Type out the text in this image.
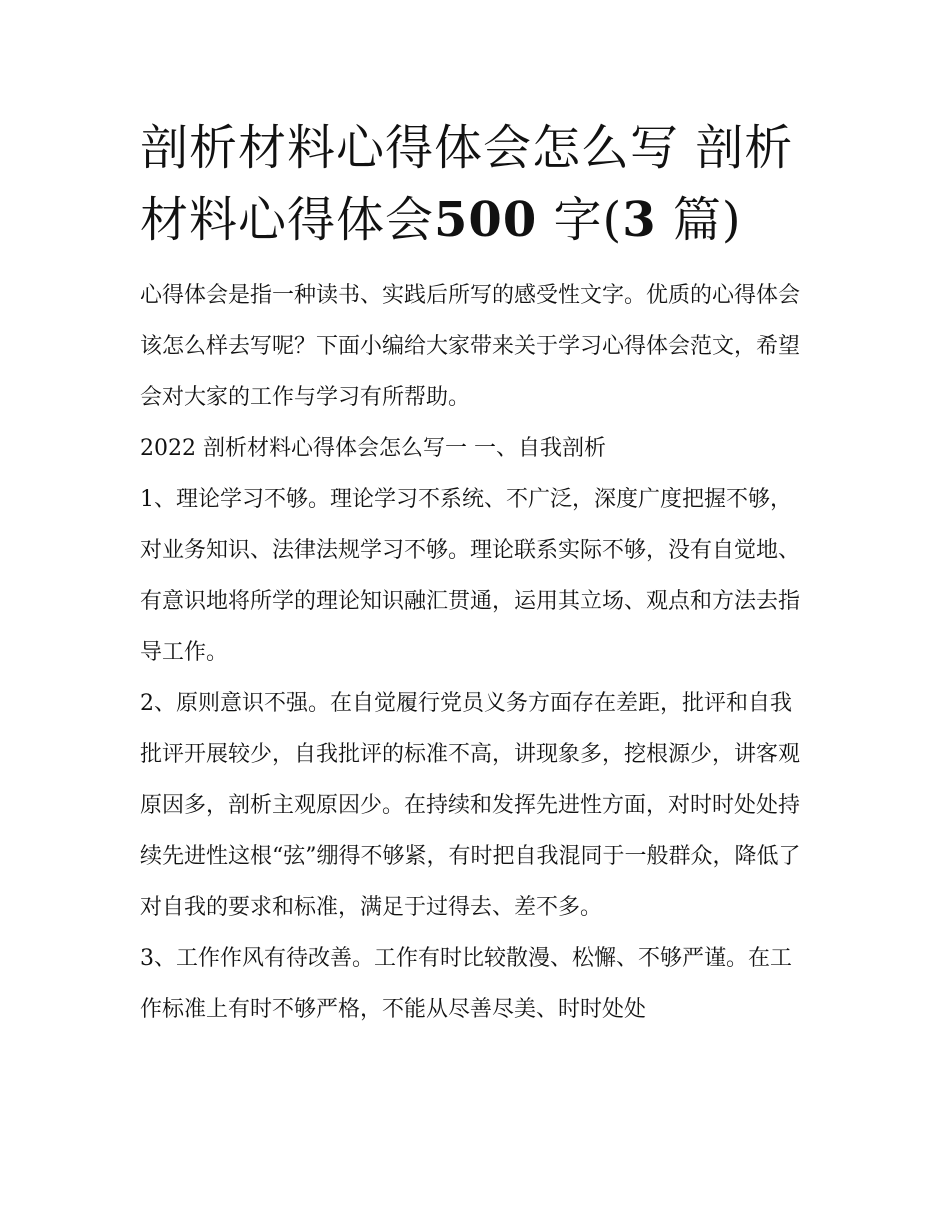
剖析材料心得体会怎么写 剖析材料心得体会500 字(3 篇)

心得体会是指一种读书、实践后所写的感受性文字。优质的心得体会该怎么样去写呢？下面小编给大家带来关于学习心得体会范文，希望会对大家的工作与学习有所帮助。

2022 剖析材料心得体会怎么写一 一、自我剖析

1、理论学习不够。理论学习不系统、不广泛，深度广度把握不够，对业务知识、法律法规学习不够。理论联系实际不够，没有自觉地、有意识地将所学的理论知识融汇贯通，运用其立场、观点和方法去指导工作。

2、原则意识不强。在自觉履行党员义务方面存在差距，批评和自我批评开展较少，自我批评的标准不高，讲现象多，挖根源少，讲客观原因多，剖析主观原因少。在持续和发挥先进性方面，对时时处处持续先进性这根“弦”绷得不够紧，有时把自我混同于一般群众，降低了对自我的要求和标准，满足于过得去、差不多。

3、工作作风有待改善。工作有时比较散漫、松懈、不够严谨。在工作标准上有时不够严格，不能从尽善尽美、时时处处
